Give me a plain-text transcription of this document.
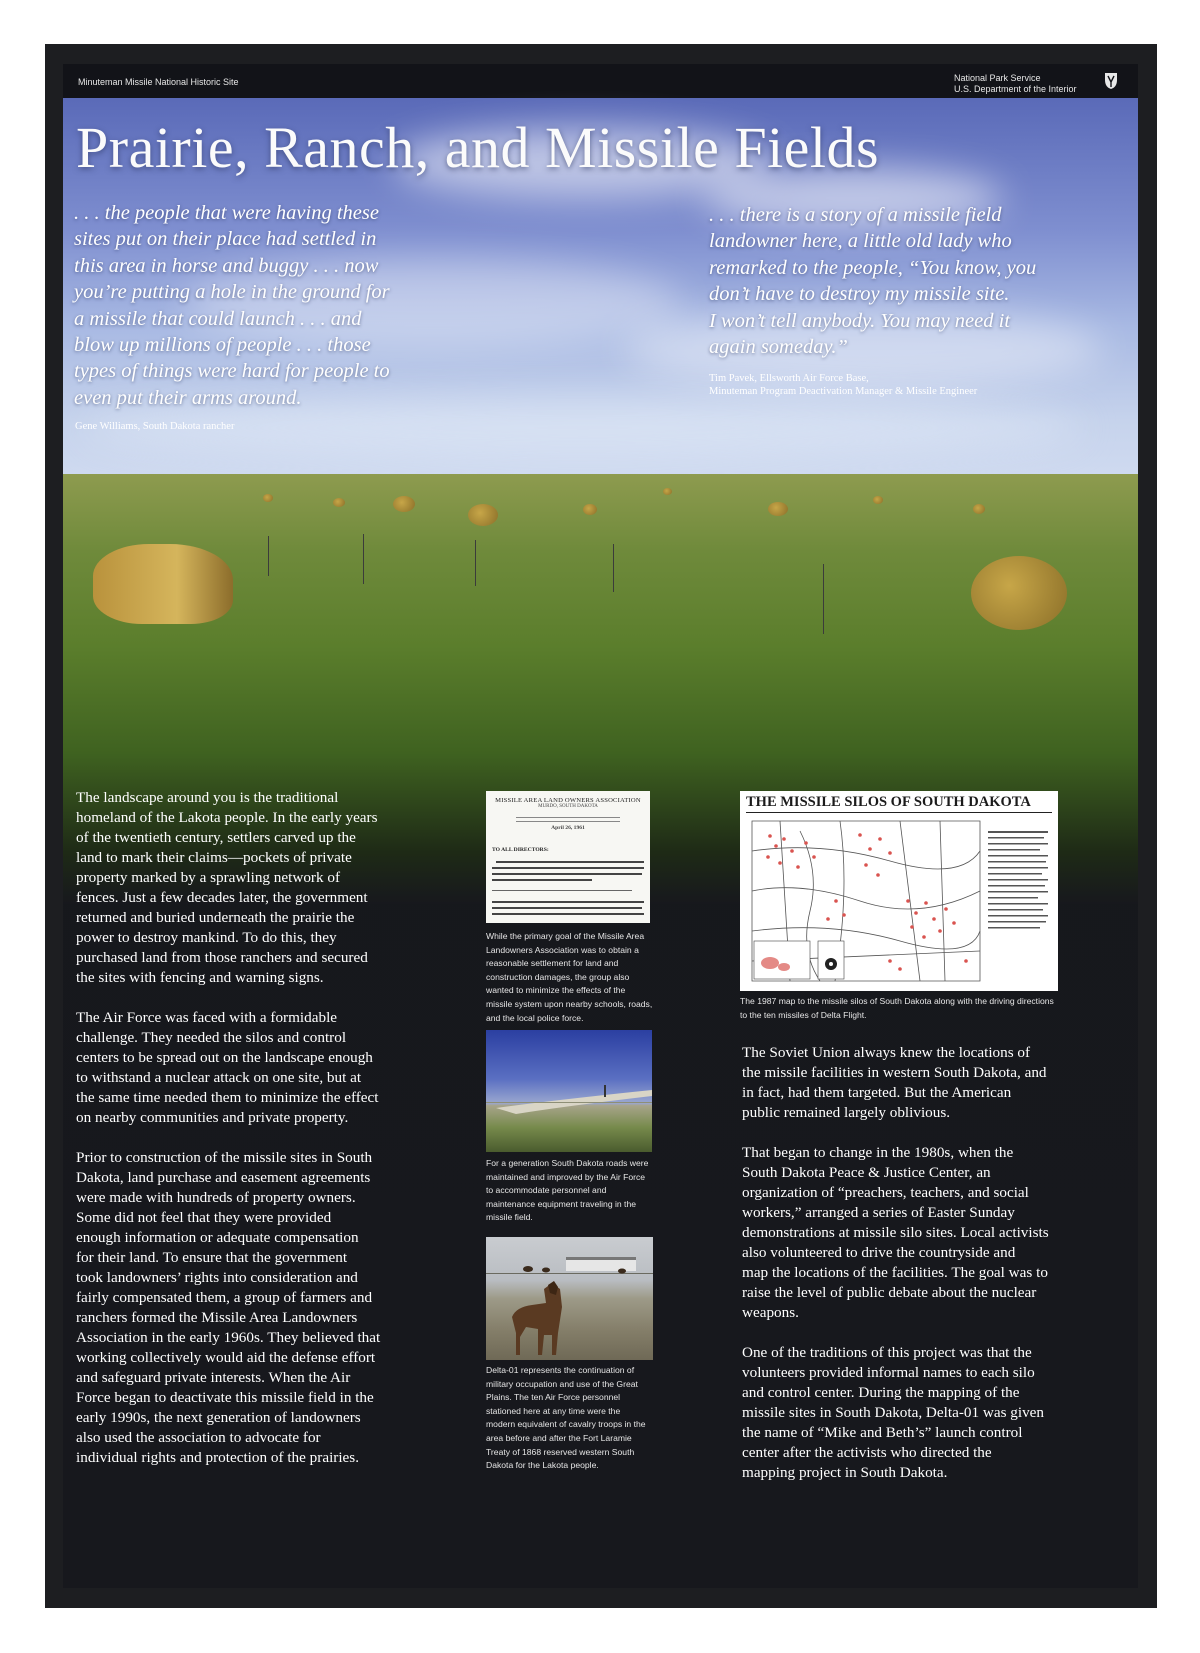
Minuteman Missile National Historic Site	National Park Service
U.S. Department of the Interior
Prairie, Ranch, and Missile Fields

. . . the people that were having these

sites put on their place had settled in

this area in horse and buggy . . . now

you’re putting a hole in the ground for

a missile that could launch . . . and

blow up millions of people . . . those

types of things were hard for people to

even put their arms around.

Gene Williams, South Dakota rancher

. . . there is a story of a missile field

landowner here, a little old lady who

remarked to the people, “You know, you

don’t have to destroy my missile site.

I won’t tell anybody. You may need it

again someday.”

Tim Pavek, Ellsworth Air Force Base,
Minuteman Program Deactivation Manager & Missile Engineer

The landscape around you is the traditional
homeland of the Lakota people. In the early years
of the twentieth century, settlers carved up the
land to mark their claims—pockets of private
property marked by a sprawling network of
fences. Just a few decades later, the government
returned and buried underneath the prairie the
power to destroy mankind. To do this, they
purchased land from those ranchers and secured
the sites with fencing and warning signs.

The Air Force was faced with a formidable
challenge. They needed the silos and control
centers to be spread out on the landscape enough
to withstand a nuclear attack on one site, but at
the same time needed them to minimize the effect
on nearby communities and private property.

Prior to construction of the missile sites in South
Dakota, land purchase and easement agreements
were made with hundreds of property owners.
Some did not feel that they were provided
enough information or adequate compensation
for their land. To ensure that the government
took landowners’ rights into consideration and
fairly compensated them, a group of farmers and
ranchers formed the Missile Area Landowners
Association in the early 1960s. They believed that
working collectively would aid the defense effort
and safeguard private interests. When the Air
Force began to deactivate this missile field in the
early 1990s, the next generation of landowners
also used the association to advocate for
individual rights and protection of the prairies.

MISSILE AREA LAND OWNERS ASSOCIATION
MURDO, SOUTH DAKOTA
April 26, 1961
TO ALL DIRECTORS:
While the primary goal of the Missile Area
Landowners Association was to obtain a
reasonable settlement for land and
construction damages, the group also
wanted to minimize the effects of the
missile system upon nearby schools, roads,
and the local police force.
For a generation South Dakota roads were
maintained and improved by the Air Force
to accommodate personnel and
maintenance equipment traveling in the
missile field.
Delta-01 represents the continuation of
military occupation and use of the Great
Plains. The ten Air Force personnel
stationed here at any time were the
modern equivalent of cavalry troops in the
area before and after the Fort Laramie
Treaty of 1868 reserved western South
Dakota for the Lakota people.
THE MISSILE SILOS OF SOUTH DAKOTA
The 1987 map to the missile silos of South Dakota along with the driving directions
to the ten missiles of Delta Flight.

The Soviet Union always knew the locations of
the missile facilities in western South Dakota, and
in fact, had them targeted. But the American
public remained largely oblivious.

That began to change in the 1980s, when the
South Dakota Peace & Justice Center, an
organization of “preachers, teachers, and social
workers,” arranged a series of Easter Sunday
demonstrations at missile silo sites. Local activists
also volunteered to drive the countryside and
map the locations of the facilities. The goal was to
raise the level of public debate about the nuclear
weapons.

One of the traditions of this project was that the
volunteers provided informal names to each silo
and control center. During the mapping of the
missile sites in South Dakota, Delta-01 was given
the name of “Mike and Beth’s” launch control
center after the activists who directed the
mapping project in South Dakota.
